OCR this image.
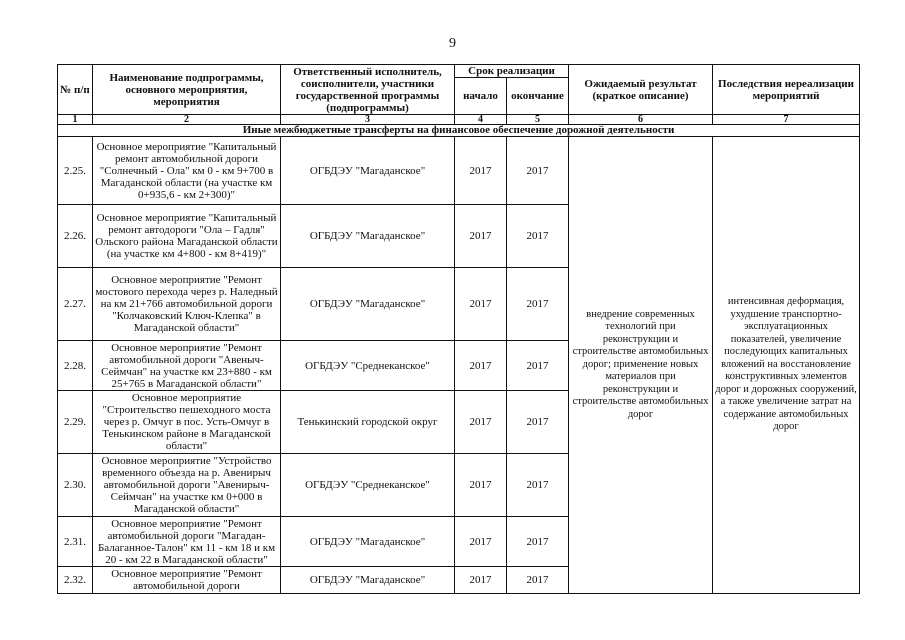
9
№ п/п	Наименование подпрограммы, основного мероприятия, мероприятия	Ответственный исполнитель, соисполнители, участники государственной программы (подпрограммы)	Срок реализации		Ожидаемый результат (краткое описание)	Последствия нереализации мероприятий
			начало	окончание		
1	2	3	4	5	6	7
Иные межбюджетные трансферты на финансовое обеспечение дорожной деятельности						
2.25.	Основное мероприятие "Капитальный ремонт автомобильной дороги "Солнечный - Ола" км 0 - км 9+700 в Магаданской области (на участке км 0+935,6 - км 2+300)"	ОГБДЭУ "Магаданское"	2017	2017	внедрение современных технологий при реконструкции и строительстве автомобильных дорог; применение новых материалов при реконструкции и строительстве автомобильных дорог	интенсивная деформация, ухудшение транспортно-эксплуатационных показателей, увеличение последующих капитальных вложений на восстановление конструктивных элементов дорог и дорожных сооружений, а также увеличение затрат на содержание автомобильных дорог
2.26.	Основное мероприятие "Капитальный ремонт автодороги "Ола – Гадля" Ольского района Магаданской области (на участке км 4+800 - км 8+419)"	ОГБДЭУ "Магаданское"	2017	2017		
2.27.	Основное мероприятие "Ремонт мостового перехода через р. Наледный на км 21+766 автомобильной дороги "Колчаковский Ключ-Клепка" в Магаданской области"	ОГБДЭУ "Магаданское"	2017	2017		
2.28.	Основное мероприятие "Ремонт автомобильной дороги "Авеныч-Сеймчан" на участке км 23+880 - км 25+765 в Магаданской области"	ОГБДЭУ "Среднеканское"	2017	2017		
2.29.	Основное мероприятие "Строительство пешеходного моста через р. Омчуг в пос. Усть-Омчуг в Тенькинском районе в Магаданской области"	Тенькинский городской округ	2017	2017		
2.30.	Основное мероприятие "Устройство временного объезда на р. Авенирыч автомобильной дороги "Авенирыч-Сеймчан" на участке км 0+000 в Магаданской области"	ОГБДЭУ "Среднеканское"	2017	2017		
2.31.	Основное мероприятие "Ремонт автомобильной дороги "Магадан-Балаганное-Талон" км 11 - км 18 и км 20 - км 22 в Магаданской области"	ОГБДЭУ "Магаданское"	2017	2017		
2.32.	Основное мероприятие "Ремонт автомобильной дороги	ОГБДЭУ "Магаданское"	2017	2017		
